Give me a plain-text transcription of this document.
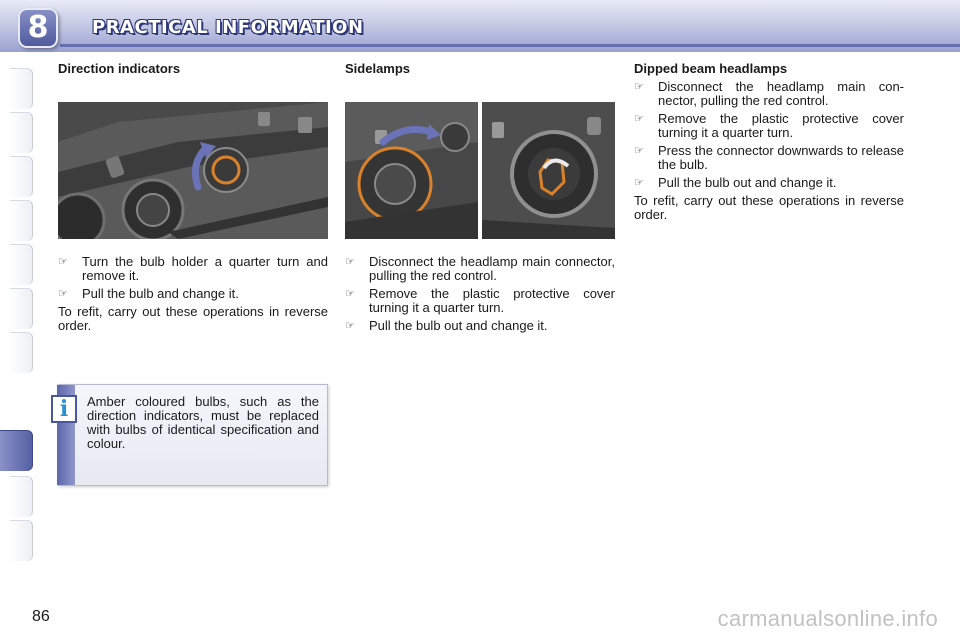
8	PRACTICAL INFORMATION
Direction indicators
☞ Turn the bulb holder a quarter turn and remove it.
☞ Pull the bulb and change it.

To refit, carry out these operations in reverse order.

Sidelamps
☞ Disconnect the headlamp main connector, pulling the red control.
☞ Remove the plastic protective cover turning it a quarter turn.
☞ Pull the bulb out and change it.
Dipped beam headlamps
☞ Disconnect the headlamp main con-nector, pulling the red control.
☞ Remove the plastic protective cover turning it a quarter turn.
☞ Press the connector downwards to release the bulb.
☞ Pull the bulb out and change it.

To refit, carry out these operations in reverse order.

i	Amber coloured bulbs, such as the direction indicators, must be replaced with bulbs of identical specification and colour.
86	carmanualsonline.info
